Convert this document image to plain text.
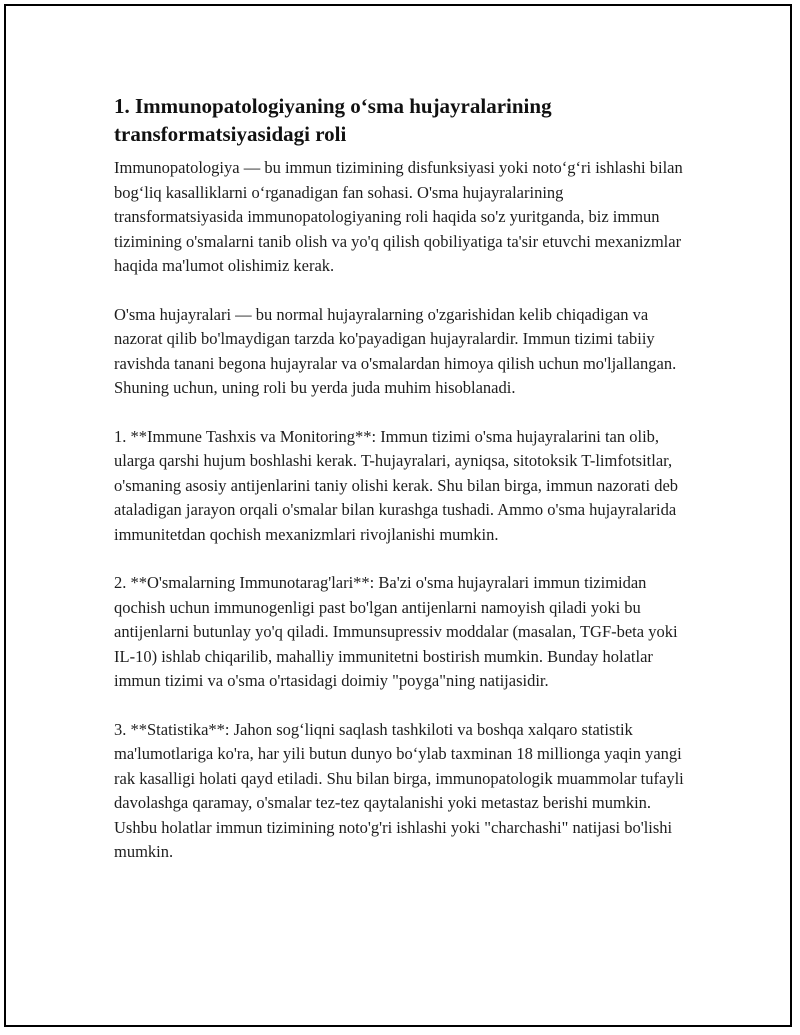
1. Immunopatologiyaning o‘sma hujayralarining transformatsiyasidagi roli

Immunopatologiya — bu immun tizimining disfunksiyasi yoki noto‘g‘ri ishlashi bilan bog‘liq kasalliklarni o‘rganadigan fan sohasi. O'sma hujayralarining transformatsiyasida immunopatologiyaning roli haqida so'z yuritganda, biz immun tizimining o'smalarni tanib olish va yo'q qilish qobiliyatiga ta'sir etuvchi mexanizmlar haqida ma'lumot olishimiz kerak.

O'sma hujayralari — bu normal hujayralarning o'zgarishidan kelib chiqadigan va nazorat qilib bo'lmaydigan tarzda ko'payadigan hujayralardir. Immun tizimi tabiiy ravishda tanani begona hujayralar va o'smalardan himoya qilish uchun mo'ljallangan. Shuning uchun, uning roli bu yerda juda muhim hisoblanadi.

1. **Immune Tashxis va Monitoring**: Immun tizimi o'sma hujayralarini tan olib, ularga qarshi hujum boshlashi kerak. T-hujayralari, ayniqsa, sitotoksik T-limfotsitlar, o'smaning asosiy antijenlarini taniy olishi kerak. Shu bilan birga, immun nazorati deb ataladigan jarayon orqali o'smalar bilan kurashga tushadi. Ammo o'sma hujayralarida immunitetdan qochish mexanizmlari rivojlanishi mumkin.

2. **O'smalarning Immunotarag'lari**: Ba'zi o'sma hujayralari immun tizimidan qochish uchun immunogenligi past bo'lgan antijenlarni namoyish qiladi yoki bu antijenlarni butunlay yo'q qiladi. Immunsupressiv moddalar (masalan, TGF-beta yoki IL-10) ishlab chiqarilib, mahalliy immunitetni bostirish mumkin. Bunday holatlar immun tizimi va o'sma o'rtasidagi doimiy "poyga"ning natijasidir.

3. **Statistika**: Jahon sog‘liqni saqlash tashkiloti va boshqa xalqaro statistik ma'lumotlariga ko'ra, har yili butun dunyo bo‘ylab taxminan 18 millionga yaqin yangi rak kasalligi holati qayd etiladi. Shu bilan birga, immunopatologik muammolar tufayli davolashga qaramay, o'smalar tez-tez qaytalanishi yoki metastaz berishi mumkin. Ushbu holatlar immun tizimining noto'g'ri ishlashi yoki "charchashi" natijasi bo'lishi mumkin.
